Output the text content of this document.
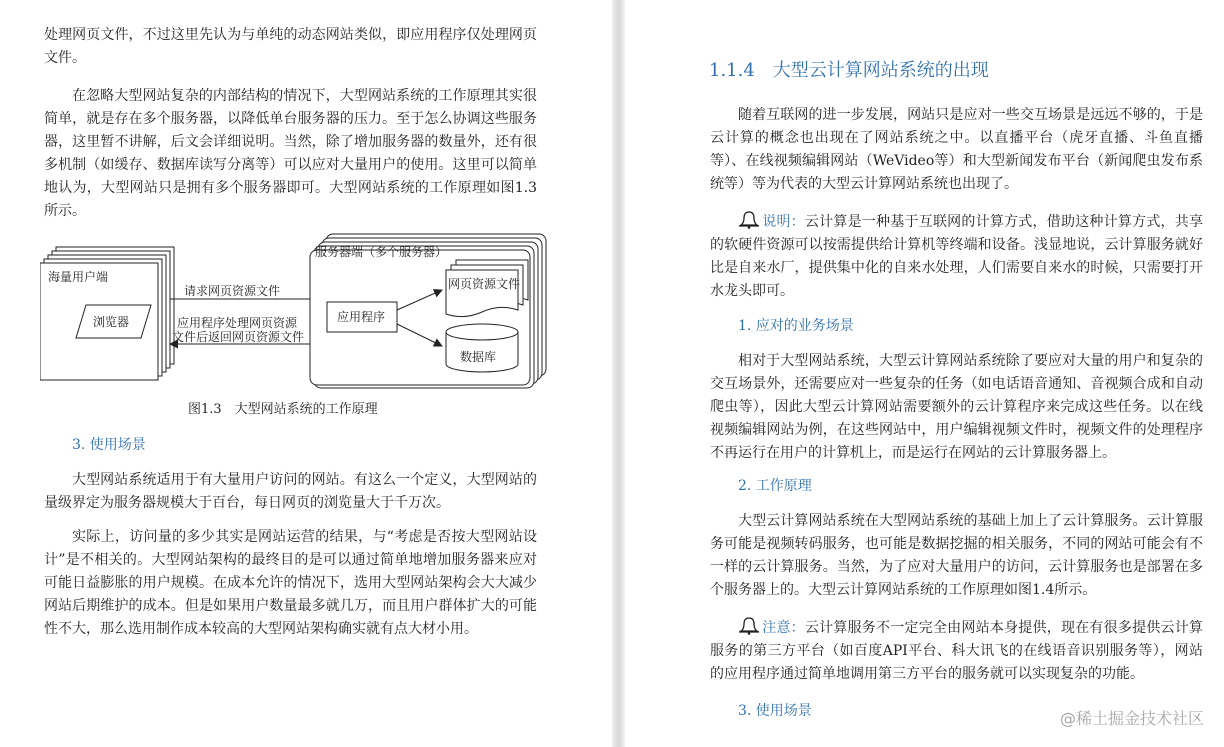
处理网页文件，不过这里先认为与单纯的动态网站类似，即应用程序仅处理网页文件。

在忽略大型网站复杂的内部结构的情况下，大型网站系统的工作原理其实很简单，就是存在多个服务器，以降低单台服务器的压力。至于怎么协调这些服务器，这里暂不讲解，后文会详细说明。当然，除了增加服务器的数量外，还有很多机制（如缓存、数据库读写分离等）可以应对大量用户的使用。这里可以简单地认为，大型网站只是拥有多个服务器即可。大型网站系统的工作原理如图1.3所示。

海量用户端
浏览器
请求网页资源文件
应用程序处理网页资源
文件后返回网页资源文件
服务器端（多个服务器）
应用程序
网页资源文件
数据库

图1.3　大型网站系统的工作原理

3. 使用场景

大型网站系统适用于有大量用户访问的网站。有这么一个定义，大型网站的量级界定为服务器规模大于百台，每日网页的浏览量大于千万次。

实际上，访问量的多少其实是网站运营的结果，与“考虑是否按大型网站设计”是不相关的。大型网站架构的最终目的是可以通过简单地增加服务器来应对可能日益膨胀的用户规模。在成本允许的情况下，选用大型网站架构会大大减少网站后期维护的成本。但是如果用户数量最多就几万，而且用户群体扩大的可能性不大，那么选用制作成本较高的大型网站架构确实就有点大材小用。

1.1.4　大型云计算网站系统的出现

随着互联网的进一步发展，网站只是应对一些交互场景是远远不够的，于是云计算的概念也出现在了网站系统之中。以直播平台（虎牙直播、斗鱼直播等）、在线视频编辑网站（WeVideo等）和大型新闻发布平台（新闻爬虫发布系统等）等为代表的大型云计算网站系统也出现了。

说明：云计算是一种基于互联网的计算方式，借助这种计算方式，共享的软硬件资源可以按需提供给计算机等终端和设备。浅显地说，云计算服务就好比是自来水厂，提供集中化的自来水处理，人们需要自来水的时候，只需要打开水龙头即可。

1. 应对的业务场景

相对于大型网站系统，大型云计算网站系统除了要应对大量的用户和复杂的交互场景外，还需要应对一些复杂的任务（如电话语音通知、音视频合成和自动爬虫等），因此大型云计算网站需要额外的云计算程序来完成这些任务。以在线视频编辑网站为例，在这些网站中，用户编辑视频文件时，视频文件的处理程序不再运行在用户的计算机上，而是运行在网站的云计算服务器上。

2. 工作原理

大型云计算网站系统在大型网站系统的基础上加上了云计算服务。云计算服务可能是视频转码服务，也可能是数据挖掘的相关服务，不同的网站可能会有不一样的云计算服务。当然，为了应对大量用户的访问，云计算服务也是部署在多个服务器上的。大型云计算网站系统的工作原理如图1.4所示。

注意：云计算服务不一定完全由网站本身提供，现在有很多提供云计算服务的第三方平台（如百度API平台、科大讯飞的在线语音识别服务等），网站的应用程序通过简单地调用第三方平台的服务就可以实现复杂的功能。

3. 使用场景	@稀土掘金技术社区
